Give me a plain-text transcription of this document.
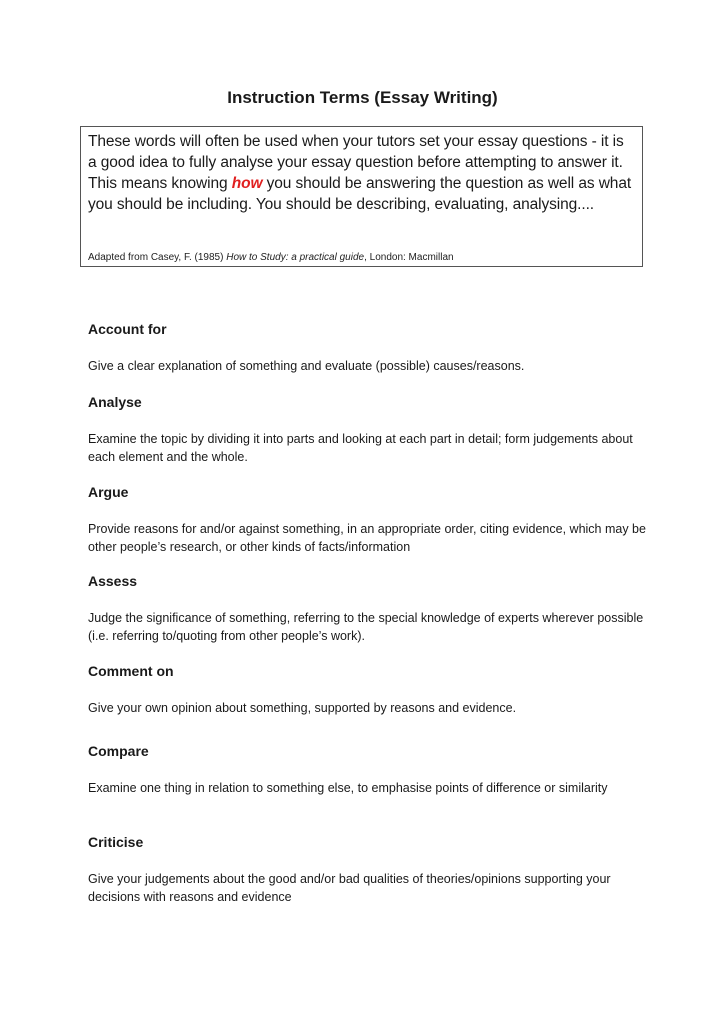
Instruction Terms (Essay Writing)

These words will often be used when your tutors set your essay questions - it is a good idea to fully analyse your essay question before attempting to answer it. This means knowing how you should be answering the question as well as what you should be including. You should be describing, evaluating, analysing....

Adapted from Casey, F. (1985) How to Study: a practical guide, London: Macmillan

Account for

Give a clear explanation of something and evaluate (possible) causes/reasons.

Analyse

Examine the topic by dividing it into parts and looking at each part in detail; form judgements about each element and the whole.

Argue

Provide reasons for and/or against something, in an appropriate order, citing evidence, which may be other people’s research, or other kinds of facts/information

Assess

Judge the significance of something, referring to the special knowledge of experts wherever possible (i.e. referring to/quoting from other people’s work).

Comment on

Give your own opinion about something, supported by reasons and evidence.

Compare

Examine one thing in relation to something else, to emphasise points of difference or similarity

Criticise

Give your judgements about the good and/or bad qualities of theories/opinions supporting your decisions with reasons and evidence
